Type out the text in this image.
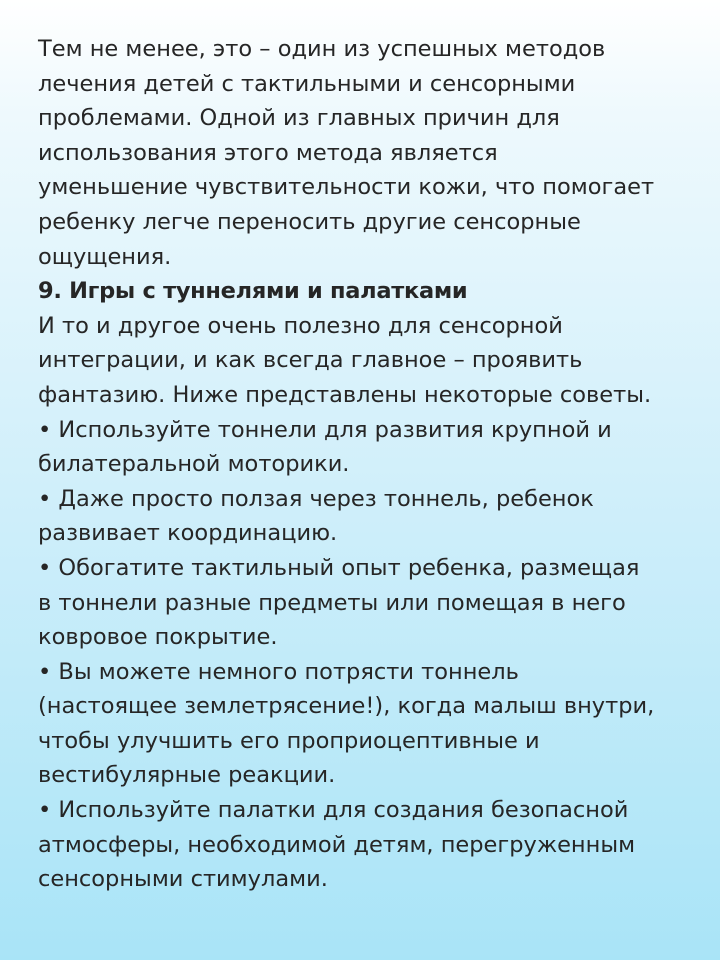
Тем не менее, это – один из успешных методов
лечения детей с тактильными и сенсорными
проблемами. Одной из главных причин для
использования этого метода является
уменьшение чувствительности кожи, что помогает
ребенку легче переносить другие сенсорные
ощущения.

9. Игры с туннелями и палатками

И то и другое очень полезно для сенсорной
интеграции, и как всегда главное – проявить
фантазию. Ниже представлены некоторые советы.

• Используйте тоннели для развития крупной и
билатеральной моторики.

• Даже просто ползая через тоннель, ребенок
развивает координацию.

• Обогатите тактильный опыт ребенка, размещая
в тоннели разные предметы или помещая в него
ковровое покрытие.

• Вы можете немного потрясти тоннель
(настоящее землетрясение!), когда малыш внутри,
чтобы улучшить его проприоцептивные и
вестибулярные реакции.

• Используйте палатки для создания безопасной
атмосферы, необходимой детям, перегруженным
сенсорными стимулами.
